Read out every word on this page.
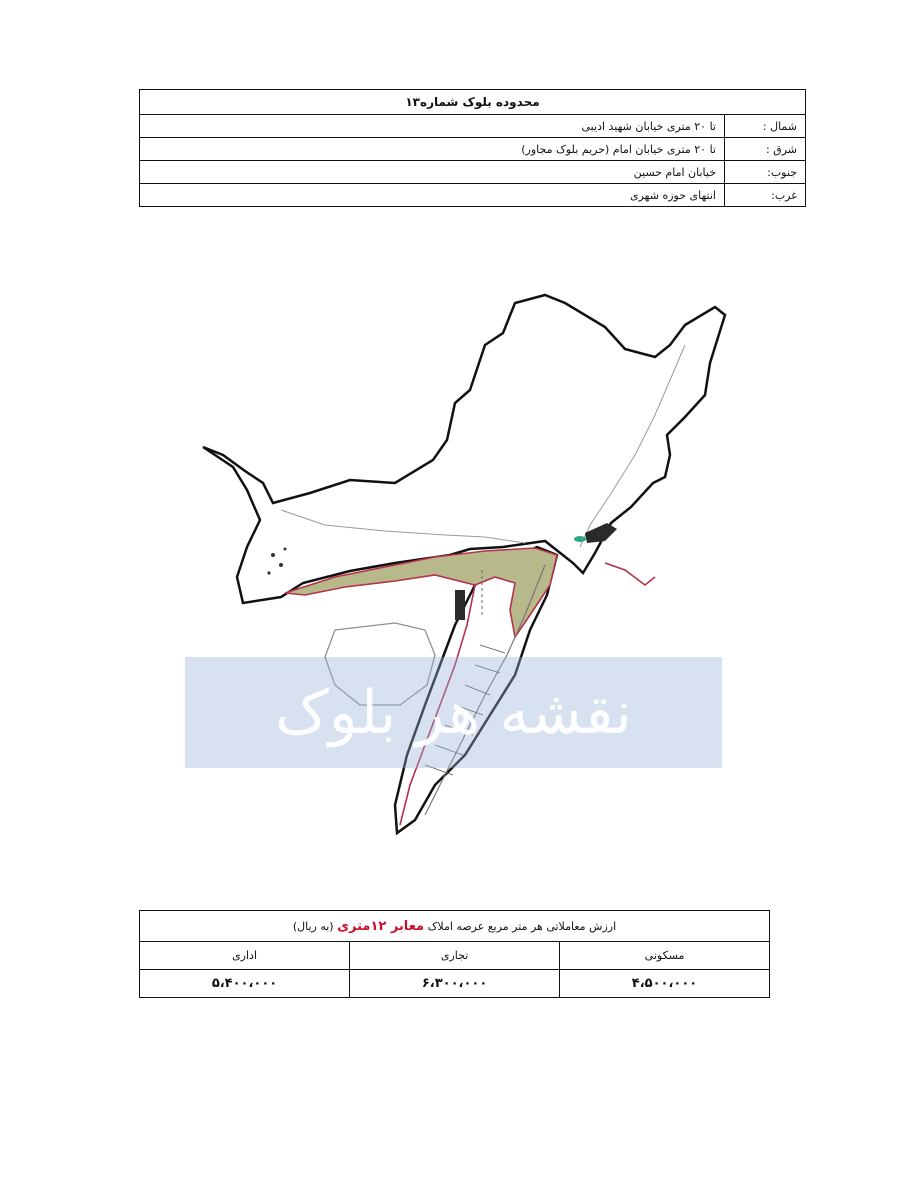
محدوده بلوک شماره۱۳	
شمال :	تا ۲۰ متری خیابان شهید ادیبی
شرق :	تا ۲۰ متری خیابان امام (حریم بلوک مجاور)
جنوب:	خیابان امام حسین
غرب:	انتهای حوزه شهری
نقشه هر بلوک
ارزش معاملاتی هر متر مربع عرصه املاک معابر ۱۲متری (به ریال)		
مسکونی	تجاری	اداری
۴،۵۰۰،۰۰۰	۶،۳۰۰،۰۰۰	۵،۴۰۰،۰۰۰
